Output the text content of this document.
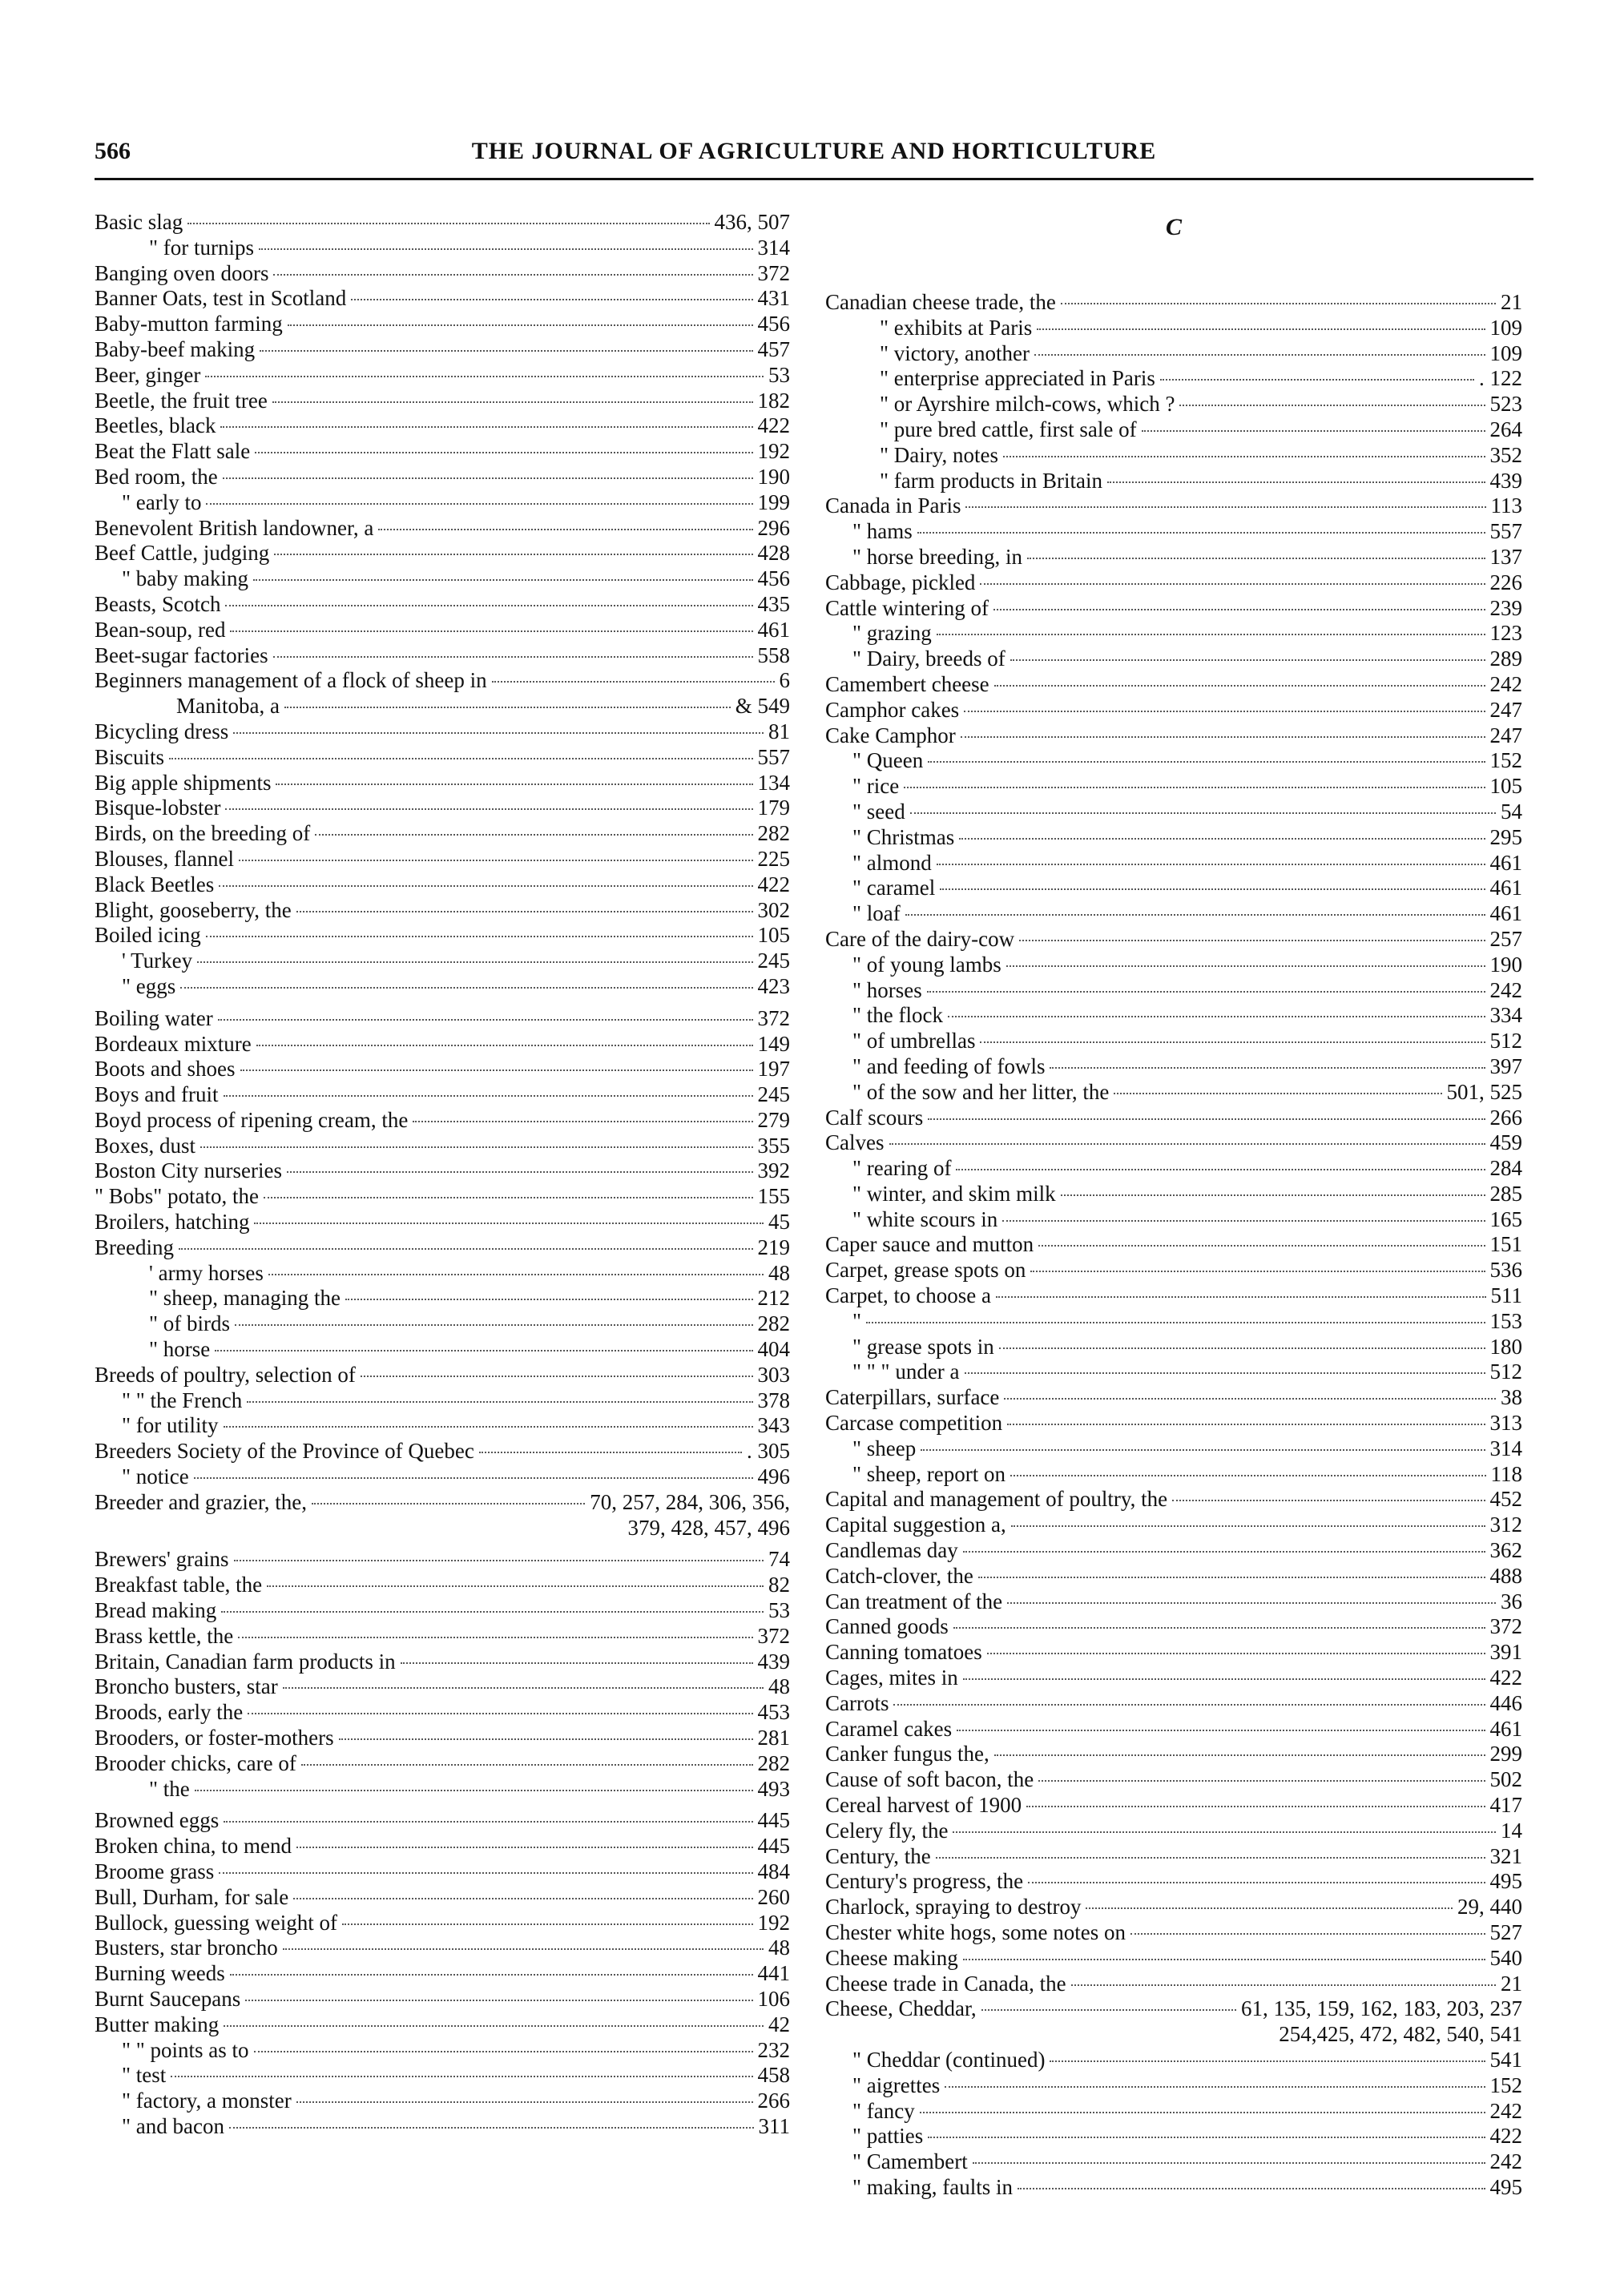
566	THE JOURNAL OF AGRICULTURE AND HORTICULTURE
Basic slag	436, 507
" for turnips	314
Banging oven doors	372
Banner Oats, test in Scotland	431
Baby-mutton farming	456
Baby-beef making	457
Beer, ginger	53
Beetle, the fruit tree	182
Beetles, black	422
Beat the Flatt sale	192
Bed room, the	190
" early to	199
Benevolent British landowner, a	296
Beef Cattle, judging	428
" baby making	456
Beasts, Scotch	435
Bean-soup, red	461
Beet-sugar factories	558
Beginners management of a flock of sheep in	6
Manitoba, a	& 549
Bicycling dress	81
Biscuits	557
Big apple shipments	134
Bisque-lobster	179
Birds, on the breeding of	282
Blouses, flannel	225
Black Beetles	422
Blight, gooseberry, the	302
Boiled icing	105
' Turkey	245
" eggs	423
Boiling water	372
Bordeaux mixture	149
Boots and shoes	197
Boys and fruit	245
Boyd process of ripening cream, the	279
Boxes, dust	355
Boston City nurseries	392
" Bobs" potato, the	155
Broilers, hatching	45
Breeding	219
' army horses	48
" sheep, managing the	212
" of birds	282
" horse	404
Breeds of poultry, selection of	303
" " the French	378
" for utility	343
Breeders Society of the Province of Quebec	. 305
" notice	496
Breeder and grazier, the,	70, 257, 284, 306, 356,
379, 428, 457, 496
Brewers' grains	74
Breakfast table, the	82
Bread making	53
Brass kettle, the	372
Britain, Canadian farm products in	439
Broncho busters, star	48
Broods, early the	453
Brooders, or foster-mothers	281
Brooder chicks, care of	282
" the	493
Browned eggs	445
Broken china, to mend	445
Broome grass	484
Bull, Durham, for sale	260
Bullock, guessing weight of	192
Busters, star broncho	48
Burning weeds	441
Burnt Saucepans	106
Butter making	42
" " points as to	232
" test	458
" factory, a monster	266
" and bacon	311
C
Canadian cheese trade, the	21
" exhibits at Paris	109
" victory, another	109
" enterprise appreciated in Paris	. 122
" or Ayrshire milch-cows, which ?	523
" pure bred cattle, first sale of	264
" Dairy, notes	352
" farm products in Britain	439
Canada in Paris	113
" hams	557
" horse breeding, in	137
Cabbage, pickled	226
Cattle wintering of	239
" grazing	123
" Dairy, breeds of	289
Camembert cheese	242
Camphor cakes	247
Cake Camphor	247
" Queen	152
" rice	105
" seed	54
" Christmas	295
" almond	461
" caramel	461
" loaf	461
Care of the dairy-cow	257
" of young lambs	190
" horses	242
" the flock	334
" of umbrellas	512
" and feeding of fowls	397
" of the sow and her litter, the	501, 525
Calf scours	266
Calves	459
" rearing of	284
" winter, and skim milk	285
" white scours in	165
Caper sauce and mutton	151
Carpet, grease spots on	536
Carpet, to choose a	511
"	153
" grease spots in	180
" " " under a	512
Caterpillars, surface	38
Carcase competition	313
" sheep	314
" sheep, report on	118
Capital and management of poultry, the	452
Capital suggestion a,	312
Candlemas day	362
Catch-clover, the	488
Can treatment of the	36
Canned goods	372
Canning tomatoes	391
Cages, mites in	422
Carrots	446
Caramel cakes	461
Canker fungus the,	299
Cause of soft bacon, the	502
Cereal harvest of 1900	417
Celery fly, the	14
Century, the	321
Century's progress, the	495
Charlock, spraying to destroy	29, 440
Chester white hogs, some notes on	527
Cheese making	540
Cheese trade in Canada, the	21
Cheese, Cheddar,	61, 135, 159, 162, 183, 203, 237
254,425, 472, 482, 540, 541
" Cheddar (continued)	541
" aigrettes	152
" fancy	242
" patties	422
" Camembert	242
" making, faults in	495
